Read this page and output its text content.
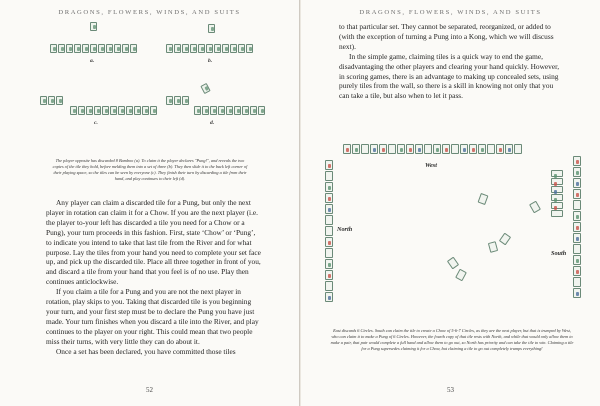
DRAGONS, FLOWERS, WINDS, AND SUITS
a.	b.
c.	d.
The player opposite has discarded 8 Bamboo (a). To claim it the player declares "Pung!", and reveals the two copies of the tile they hold, before melding them into a set of three (b). They then slide it to the back left corner of their playing space, so the tiles can be seen by everyone (c). They finish their turn by discarding a tile from their hand, and play continues to their left (d).

Any player can claim a discarded tile for a Pung, but only the next player in rotation can claim it for a Chow. If you are the next player (i.e. the player to-your left has discarded a tile you need for a Chow or a Pung), your turn proceeds in this fashion. First, state ‘Chow’ or ‘Pung’, to indicate you intend to take that last tile from the River and for what purpose. Lay the tiles from your hand you need to complete your set face up, and pick up the discarded tile. Place all three together in front of you, and discard a tile from your hand that you feel is of no use. Play then continues anticlockwise.

If you claim a tile for a Pung and you are not the next player in rotation, play skips to you. Taking that discarded tile is you beginning your turn, and your first step must be to declare the Pung you have just made. Your turn finishes when you discard a tile into the River, and play continues to the player on your right. This could mean that two people miss their turns, with very little they can do about it.

Once a set has been declared, you have committed those tiles

52
DRAGONS, FLOWERS, WINDS, AND SUITS

to that particular set. They cannot be separated, reorganized, or added to (with the exception of turning a Pung into a Kong, which we will discuss next).

In the simple game, claiming tiles is a quick way to end the game, disadvantaging the other players and clearing your hand quickly. However, in scoring games, there is an advantage to making up concealed sets, using purely tiles from the wall, so there is a skill in knowing not only that you can take a tile, but also when to let it pass.

West
North
South
East discards 6 Circles. South can claim the tile to create a Chow of 5-6-7 Circles, as they are the next player, but that is trumped by West, who can claim it to make a Pung of 6 Circles. However, the fourth copy of that tile rests with North, and while that would only allow them to make a pair, that pair would complete a full hand and allow them to go out, so North has priority and can take the tile to win. Claiming a tile for a Pung supersedes claiming it for a Chow, but claiming a tile to go out completely trumps everything!
53
